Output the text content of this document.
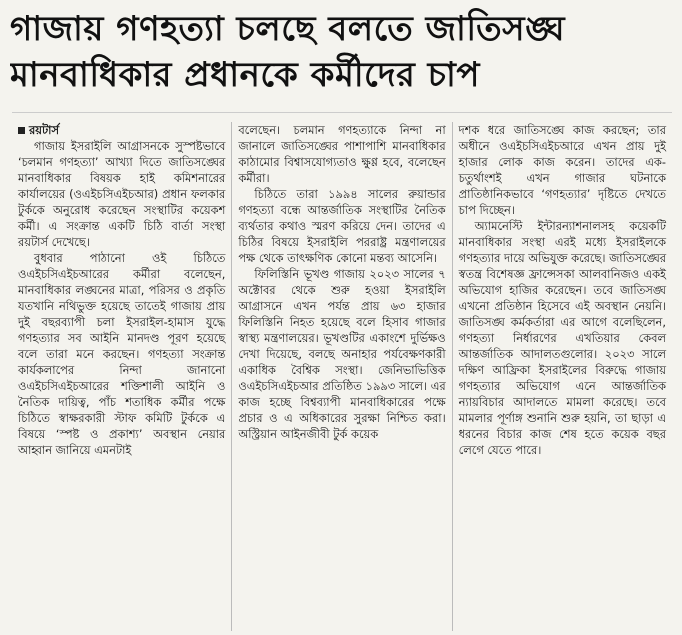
গাজায় গণহত্যা চলছে বলতে জাতিসঙ্ঘ
মানবাধিকার প্রধানকে কর্মীদের চাপ

রয়টার্স

গাজায় ইসরাইলি আগ্রাসনকে সুস্পষ্টভাবে ‘চলমান গণহত্যা’ আখ্যা দিতে জাতিসঙ্ঘের মানবাধিকার বিষয়ক হাই কমিশনারের কার্যালয়ের (ওএইচসিএইচআর) প্রধান ফলকার টুর্ককে অনুরোধ করেছেন সংস্থাটির কয়েকশ কর্মী। এ সংক্রান্ত একটি চিঠি বার্তা সংস্থা রয়টার্স দেখেছে।

বুধবার পাঠানো ওই চিঠিতে ওএইচসিএইচআরের কর্মীরা বলেছেন, মানবাধিকার লঙ্ঘনের মাত্রা, পরিসর ও প্রকৃতি যতখানি নথিভুক্ত হয়েছে তাতেই গাজায় প্রায় দুই বছরব্যাপী চলা ইসরাইল-হামাস যুদ্ধে গণহত্যার সব আইনি মানদণ্ড পূরণ হয়েছে বলে তারা মনে করছেন। গণহত্যা সংক্রান্ত কার্যকলাপের নিন্দা জানানো ওএইচসিএইচআরের শক্তিশালী আইনি ও নৈতিক দায়িত্ব, পাঁচ শতাধিক কর্মীর পক্ষে চিঠিতে স্বাক্ষরকারী স্টাফ কমিটি টুর্ককে এ বিষয়ে ‘স্পষ্ট ও প্রকাশ্য’ অবস্থান নেয়ার আহ্বান জানিয়ে এমনটাই

বলেছেন। চলমান গণহত্যাকে নিন্দা না জানালে জাতিসঙ্ঘের পাশাপাশি মানবাধিকার কাঠামোর বিশ্বাসযোগ্যতাও ক্ষুণ্ণ হবে, বলেছেন কর্মীরা।

চিঠিতে তারা ১৯৯৪ সালের রুয়ান্ডার গণহত্যা বন্ধে আন্তর্জাতিক সংস্থাটির নৈতিক ব্যর্থতার কথাও স্মরণ করিয়ে দেন। তাদের এ চিঠির বিষয়ে ইসরাইলি পররাষ্ট্র মন্ত্রণালয়ের পক্ষ থেকে তাৎক্ষণিক কোনো মন্তব্য আসেনি।

ফিলিস্তিনি ভূখণ্ড গাজায় ২০২৩ সালের ৭ অক্টোবর থেকে শুরু হওয়া ইসরাইলি আগ্রাসনে এখন পর্যন্ত প্রায় ৬৩ হাজার ফিলিস্তিনি নিহত হয়েছে বলে হিসাব গাজার স্বাস্থ্য মন্ত্রণালয়ের। ভূখণ্ডটির একাংশে দুর্ভিক্ষও দেখা দিয়েছে, বলছে অনাহার পর্যবেক্ষণকারী একাধিক বৈশ্বিক সংস্থা। জেনিভাভিত্তিক ওএইচসিএইচআর প্রতিষ্ঠিত ১৯৯৩ সালে। এর কাজ হচ্ছে বিশ্বব্যাপী মানবাধিকারের পক্ষে প্রচার ও এ অধিকারের সুরক্ষা নিশ্চিত করা। অস্ট্রিয়ান আইনজীবী টুর্ক কয়েক

দশক ধরে জাতিসঙ্ঘে কাজ করছেন; তার অধীনে ওএইচসিএইচআরে এখন প্রায় দুই হাজার লোক কাজ করেন। তাদের এক-চতুর্থাংশই এখন গাজার ঘটনাকে প্রাতিষ্ঠানিকভাবে ‘গণহত্যার’ দৃষ্টিতে দেখতে চাপ দিচ্ছেন।

অ্যামনেস্টি ইন্টারন্যাশনালসহ কয়েকটি মানবাধিকার সংস্থা এরই মধ্যে ইসরাইলকে গণহত্যার দায়ে অভিযুক্ত করেছে। জাতিসঙ্ঘের স্বতন্ত্র বিশেষজ্ঞ ফ্রান্সেসকা আলবানিজও একই অভিযোগ হাজির করেছেন। তবে জাতিসঙ্ঘ এখনো প্রতিষ্ঠান হিসেবে এই অবস্থান নেয়নি। জাতিসঙ্ঘ কর্মকর্তারা এর আগে বলেছিলেন, গণহত্যা নির্ধারণের এখতিয়ার কেবল আন্তর্জাতিক আদালতগুলোর। ২০২৩ সালে দক্ষিণ আফ্রিকা ইসরাইলের বিরুদ্ধে গাজায় গণহত্যার অভিযোগ এনে আন্তর্জাতিক ন্যায়বিচার আদালতে মামলা করেছে। তবে মামলার পূর্ণাঙ্গ শুনানি শুরু হয়নি, তা ছাড়া এ ধরনের বিচার কাজ শেষ হতে কয়েক বছর লেগে যেতে পারে।
